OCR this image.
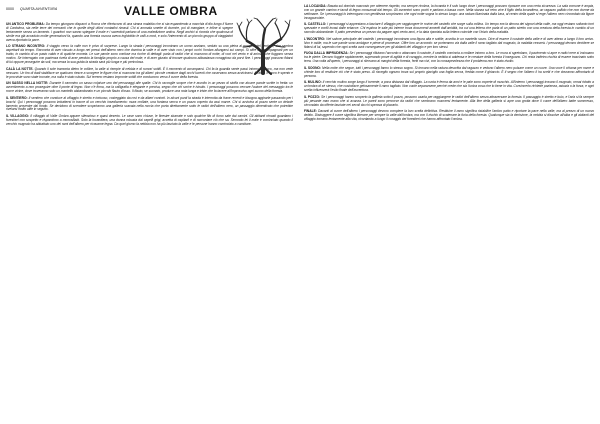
0000 QUARTA AVVENTURA	VALLE OMBRA

UN ANTICO PROBLEMA: Da tempo giungono dispacci a Rocca che riferiscono di una strana malattia che si sta espandendo a macchia d'olio lungo il fiume di Cardolma, sia nelle terre dei mercanti che in quelle degli ultimi contadini rimasti. Chi si ammala smette di dormire, poi di mangiare, e infine si spegne lentamente senza un lamento. I guaritori non sanno spiegare il male e i sacerdoti parlano di una maledizione antica. Negli archivi si ricorda che qualcosa di simile era già accaduto molte generazioni fa, quando una foresta oscura aveva inghiottito le valli a nord, e solo l'intervento di un piccolo gruppo di viaggiatori aveva riportato la pace.

LO STRANO INCONTRO: Il viaggio verso la valle non è privo di sorprese. Lungo la strada i personaggi incontrano un uomo anziano, seduto su una pietra al margine del sentiero, che sembra aspettarli da tempo. Racconta di aver vissuto a lungo nei pressi dell'albero nero che domina la valle e di aver visto con i propri occhi l'ombra allungarsi sui campi. Si offre di accompagnarli per un tratto, in cambio di un pasto caldo e di qualche moneta. Le sue parole sono confuse ma ricche di dettagli: parla di radici che si muovono di notte, di voci nel vento e di animali che fuggono senza motivo. Se interrogato con pazienza rivela di aver perduto la famiglia proprio a causa del male, e di aver giurato di trovare qualcuno abbastanza coraggioso da porvi fine. I personaggi possono fidarsi di lui oppure proseguire da soli, ma senza la sua guida la strada sarà più lunga e più pericolosa.

CALÀ LA NOTTE. Quando il sole tramonta dietro le colline, la valle si riempie di nebbia e di rumori sottili. È il momento di accamparsi. Chi fa la guardia sente passi intorno al fuoco, ma non vede nessuno. Un tiro di dadi stabilisce se qualcuno riesce a scorgere le figure che si muovono tra gli alberi: piccole creature dagli occhi lucenti che osservano senza avvicinarsi. All'alba, il fuoco è spento e le provviste sono state toccate, ma nulla è stato rubato. Sul terreno restano impronte sottili che conducono verso il cuore della foresta.

UN SASSO NELLA NOTTE: Durante il cammino un sasso colpisce uno dei personaggi alle spalle. Chi lo raccoglie scopre che è avvolto in un pezzo di stoffa con alcune parole scritte in fretta: un avvertimento a non proseguire oltre il ponte di legno. Non c'è firma, ma la calligrafia è elegante e precisa, segno che chi scrive è istruito. I personaggi possono cercare l'autore del messaggio tra le rocce vicine, dove troveranno solo un mantello abbandonato e un piccolo flauto d'osso. Il flauto, se suonato, produce una nota lunga e triste che fa tacere all'improvviso ogni suono della foresta.

IL SENTIERO: Il sentiero che conduce al villaggio è stretto e tortuoso, costeggiato da rovi e da alberi contorti. In alcuni punti la strada è interrotta da frane recenti e bisogna aggirarle passando per i boschi. Qui i personaggi possono imbattersi in tracce di un vecchio insediamento: mura crollate, una fontana secca e un pozzo coperto da assi marce. Chi si avvicina al pozzo sente un debole lamento provenire dal fondo. Se decidono di scendere scopriranno una galleria scavata nella roccia che porta direttamente sotto le radici dell'albero nero, un passaggio dimenticato che potrebbe rivelarsi molto utile in seguito.

IL VILLAGGIO: Il villaggio di Valle Ombra appare silenzioso e quasi deserto. Le case sono chiuse, le finestre sbarrate e solo qualche filo di fumo sale dai camini. Gli abitanti rimasti guardano i forestieri con sospetto e rispondono a monosillabi. Solo la locandiera, una donna robusta dai capelli grigi, accetta di ospitarli e di raccontare ciò che sa. Secondo lei il male è cominciato quando il vecchio mugnaio ha abbattuto uno dei rami dell'albero per ricavarne legna. Da quel giorno la nebbia non ha più lasciato la valle e le persone hanno cominciato a cambiare.

LA LOCANDA: Basata sul dominio nascosto per ottenere rispetto, ma sempre ricolma, la locanda è il solo luogo dove i personaggi possono riposare con una certa sicurezza. La sala comune è ampia, con un grande camino e tavoli di legno consumati dal tempo. Gli avventori sono pochi e parlano a bassa voce. Nella stanza sul retro vive il figlio della locandiera, un ragazzo pallido che non dorme da settimane. Se i personaggi lo interrogano con gentilezza scopriranno che ogni notte sogna lo stesso luogo: una radura illuminata dalla luna, al centro della quale si erge l'albero nero circondato da figure incappucciate.

IL CASTELLO: I personaggi si apprestano a lasciare il villaggio per raggiungere le rovine del castello che sorge sulla collina. Un tempo era la dimora dei signori della valle, ma oggi restano soltanto torri spezzate e cortili invasi dalle erbacce. Chi esplora le sale più interne trova documenti anneriti dall'umidità, tra cui una lettera che parla di un patto stretto con una creatura della foresta in cambio di un raccolto abbondante. Il patto prevedeva un prezzo da pagare ogni cento anni, e la data riportata sulla lettera coincide con l'inizio della malattia.

L'INCONTRO: Nel salone principale del castello i personaggi incontrano una figura alta e sottile, avvolta in un mantello scuro. Dice di essere il custode della valle e di aver atteso a lungo il loro arrivo. Non è ostile, ma le sue parole sono ambigue e piene di promesse. Offre loro un accordo: se porteranno via dalla valle il ramo tagliato dal mugnaio, la malattia cesserà. I personaggi devono decidere se fidarsi di lui, sapendo che ogni scelta avrà conseguenze per gli abitanti del villaggio e per loro stessi.

FUGA DALLA IMPRUDENZA: Se i personaggi rifiutano l'accordo o attaccano il custode, il castello comincia a crollare intorno a loro. Le mura si sgretolano, il pavimento si apre e radici nere si insinuano tra le pietre. Devono fuggire rapidamente, superando prove di agilità e di coraggio, mentre la nebbia si addensa e le creature della foresta li inseguono. Chi resta indietro rischia di essere trascinato sotto terra. Una volta all'aperto, i personaggi si ritrovano ai margini della foresta, feriti ma vivi, con la consapevolezza che il problema non è stato risolto.

IL SOGNO: Nella notte che segue, tutti i personaggi fanno lo stesso sogno. Si trovano nella radura descritta dal ragazzo e vedono l'albero nero pulsare come un cuore. Una voce li chiama per nome e chiede loro di restituire ciò che è stato preso. Al risveglio ognuno trova sul proprio giaciglio una foglia secca, fredda come il ghiaccio. È il segno che l'albero li ha scelti e che dovranno affrontarlo di persona.

IL MULINO: Il vecchio mulino sorge lungo il torrente, a poca distanza dal villaggio. La ruota è ferma da anni e le pale sono coperte di muschio. All'interno i personaggi trovano il mugnaio, ormai ridotto a un'ombra di sé stesso, che custodisce gelosamente il ramo tagliato. Non vuole separarsene perché crede che sia l'unica cosa che lo tiene in vita. Convincerlo richiede pazienza, astuzia o la forza, e ogni scelta influenzerà l'esito finale dell'avventura.

IL POZZO: Se i personaggi hanno scoperto la galleria sotto il pozzo, possono usarla per raggiungere le radici dell'albero senza attraversare la foresta. Il passaggio è stretto e buio, e l'aria si fa sempre più pesante man mano che si avanza. Le pareti sono percorse da radici che sembrano muoversi lentamente. Alla fine della galleria si apre una grotta dove il cuore dell'albero batte sommesso, circondato da offerte lasciate nei secoli da chi sperava di placarlo.

FINALE: Davanti al cuore dell'albero i personaggi devono compiere la loro scelta definitiva. Restituire il ramo significa ristabilire l'antico patto e riportare la pace nella valle, ma al prezzo di un nuovo debito. Distruggere il cuore significa liberare per sempre la valle dall'ombra, ma con il rischio di scatenare la furia della foresta. Qualunque sia la decisione, la nebbia si dissolve all'alba e gli abitanti del villaggio tornano lentamente alla vita, ricordando a lungo il coraggio dei forestieri che hanno affrontato l'ombra.
